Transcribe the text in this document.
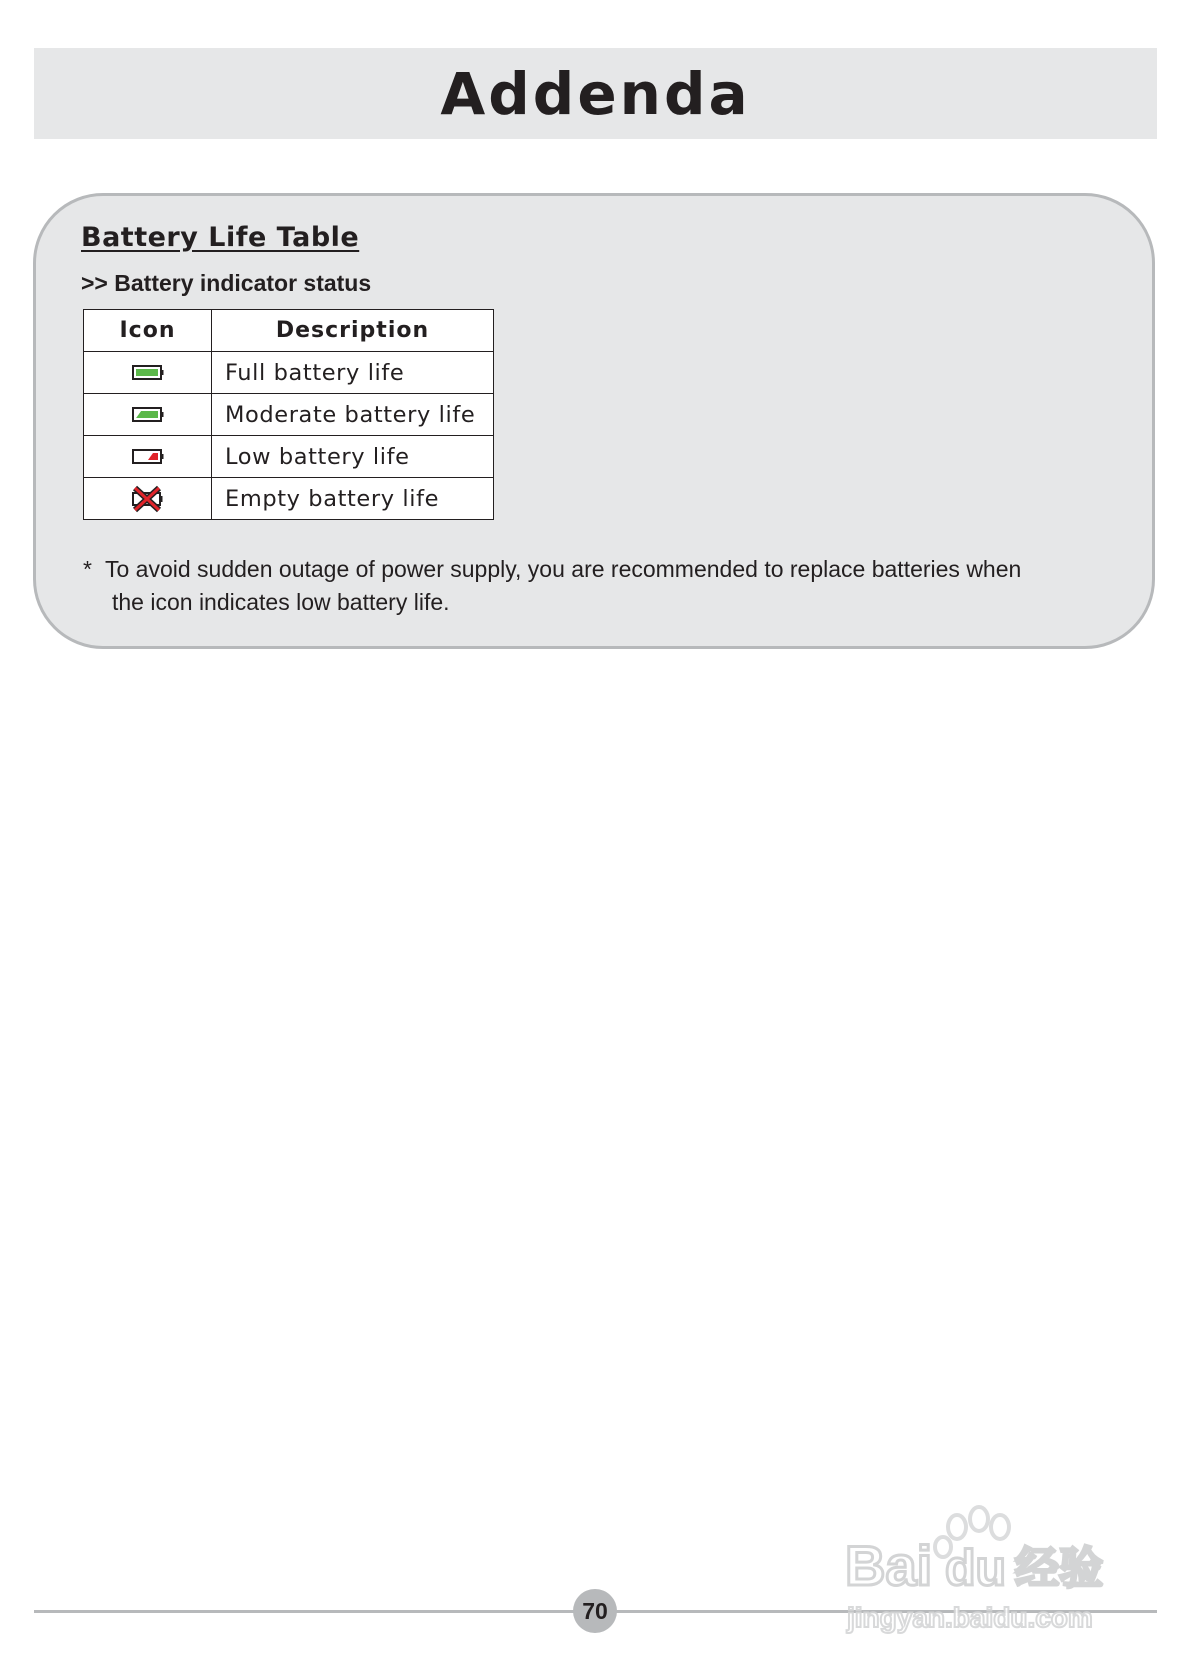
Addenda
Battery Life Table
>> Battery indicator status
Icon	Description

	Full battery life

	Moderate battery life

	Low battery life

	Empty battery life

* To avoid sudden outage of power supply, you are recommended to replace batteries when
the icon indicates low battery life.

70
Bai du 经验
jingyan.baidu.com
